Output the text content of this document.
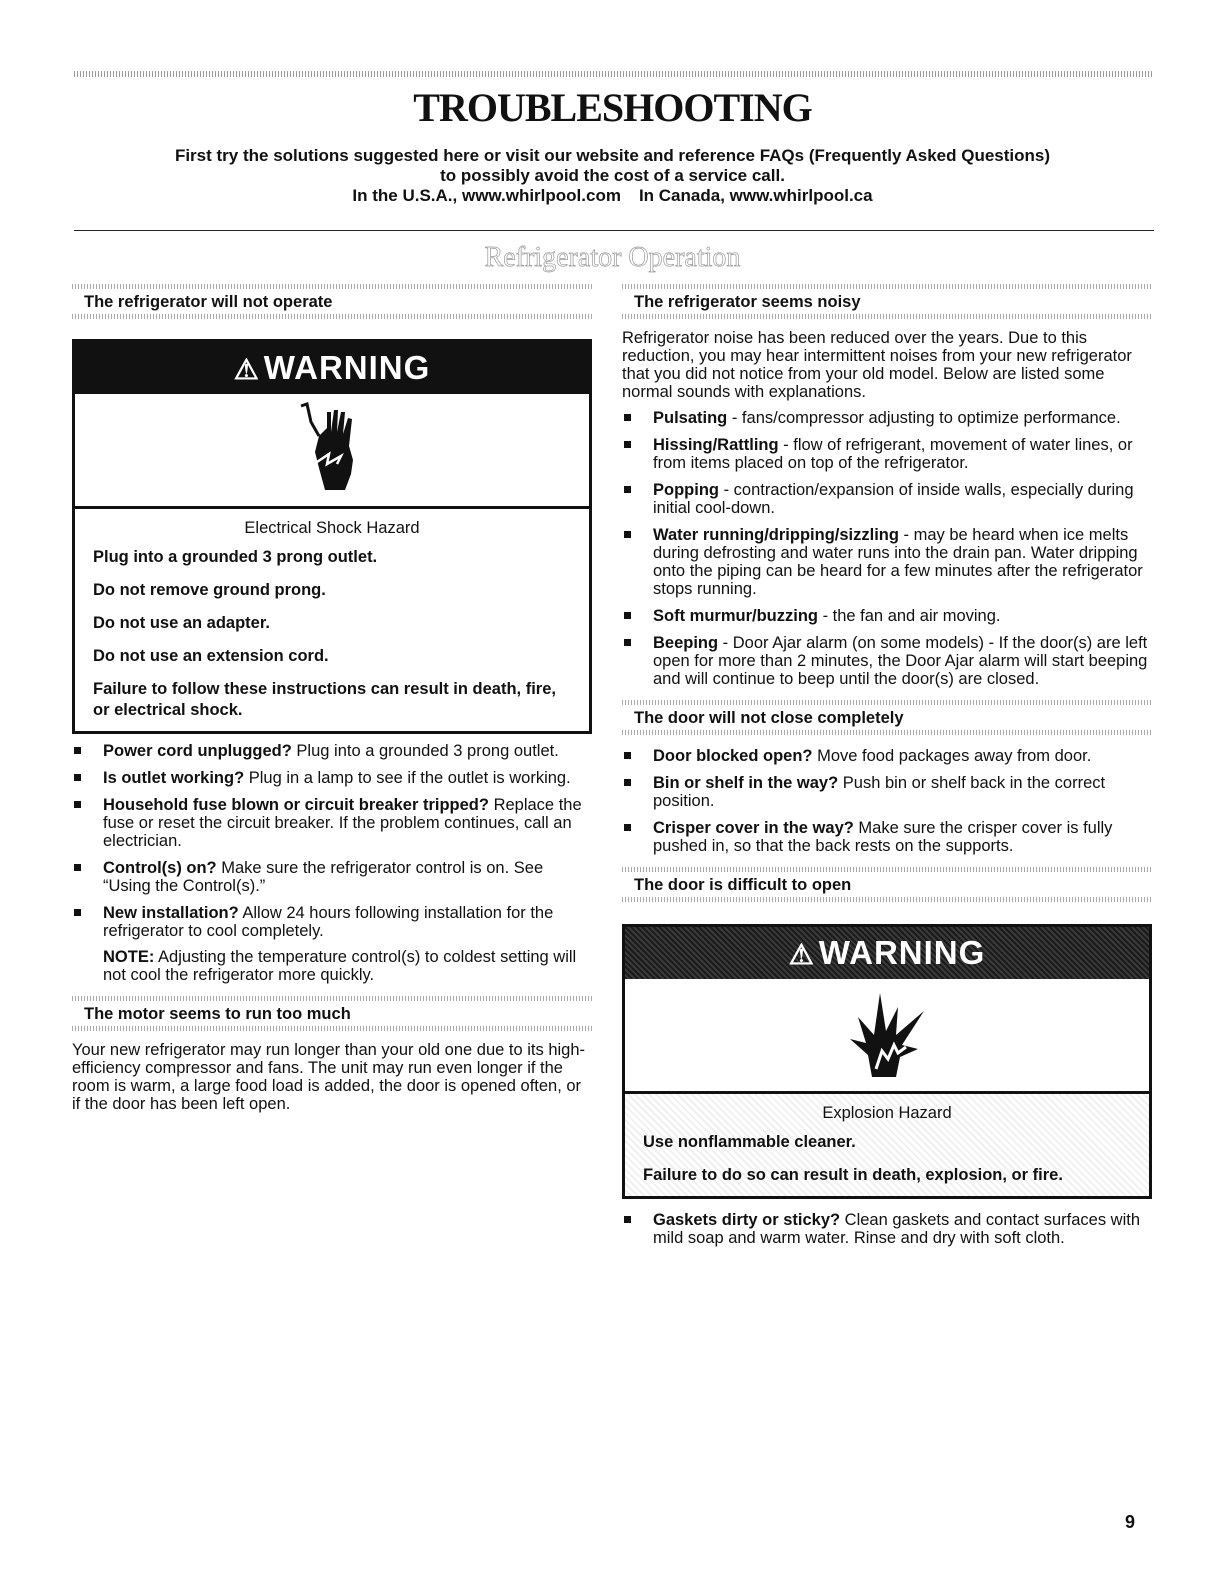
TROUBLESHOOTING
First try the solutions suggested here or visit our website and reference FAQs (Frequently Asked Questions)
to possibly avoid the cost of a service call.
In the U.S.A., www.whirlpool.com In Canada, www.whirlpool.ca
Refrigerator Operation
The refrigerator will not operate
⚠ WARNING
Electrical Shock Hazard
Plug into a grounded 3 prong outlet.
Do not remove ground prong.
Do not use an adapter.
Do not use an extension cord.
Failure to follow these instructions can result in death, fire, or electrical shock.
Power cord unplugged? Plug into a grounded 3 prong outlet.
Is outlet working? Plug in a lamp to see if the outlet is working.
Household fuse blown or circuit breaker tripped? Replace the fuse or reset the circuit breaker. If the problem continues, call an electrician.
Control(s) on? Make sure the refrigerator control is on. See “Using the Control(s).”
New installation? Allow 24 hours following installation for the refrigerator to cool completely.
NOTE: Adjusting the temperature control(s) to coldest setting will not cool the refrigerator more quickly.
The motor seems to run too much

Your new refrigerator may run longer than your old one due to its high-efficiency compressor and fans. The unit may run even longer if the room is warm, a large food load is added, the door is opened often, or if the door has been left open.

The refrigerator seems noisy

Refrigerator noise has been reduced over the years. Due to this reduction, you may hear intermittent noises from your new refrigerator that you did not notice from your old model. Below are listed some normal sounds with explanations.

Pulsating - fans/compressor adjusting to optimize performance.
Hissing/Rattling - flow of refrigerant, movement of water lines, or from items placed on top of the refrigerator.
Popping - contraction/expansion of inside walls, especially during initial cool-down.
Water running/dripping/sizzling - may be heard when ice melts during defrosting and water runs into the drain pan. Water dripping onto the piping can be heard for a few minutes after the refrigerator stops running.
Soft murmur/buzzing - the fan and air moving.
Beeping - Door Ajar alarm (on some models) - If the door(s) are left open for more than 2 minutes, the Door Ajar alarm will start beeping and will continue to beep until the door(s) are closed.
The door will not close completely
Door blocked open? Move food packages away from door.
Bin or shelf in the way? Push bin or shelf back in the correct position.
Crisper cover in the way? Make sure the crisper cover is fully pushed in, so that the back rests on the supports.
The door is difficult to open
⚠ WARNING
Explosion Hazard
Use nonflammable cleaner.
Failure to do so can result in death, explosion, or fire.
Gaskets dirty or sticky? Clean gaskets and contact surfaces with mild soap and warm water. Rinse and dry with soft cloth.
9
